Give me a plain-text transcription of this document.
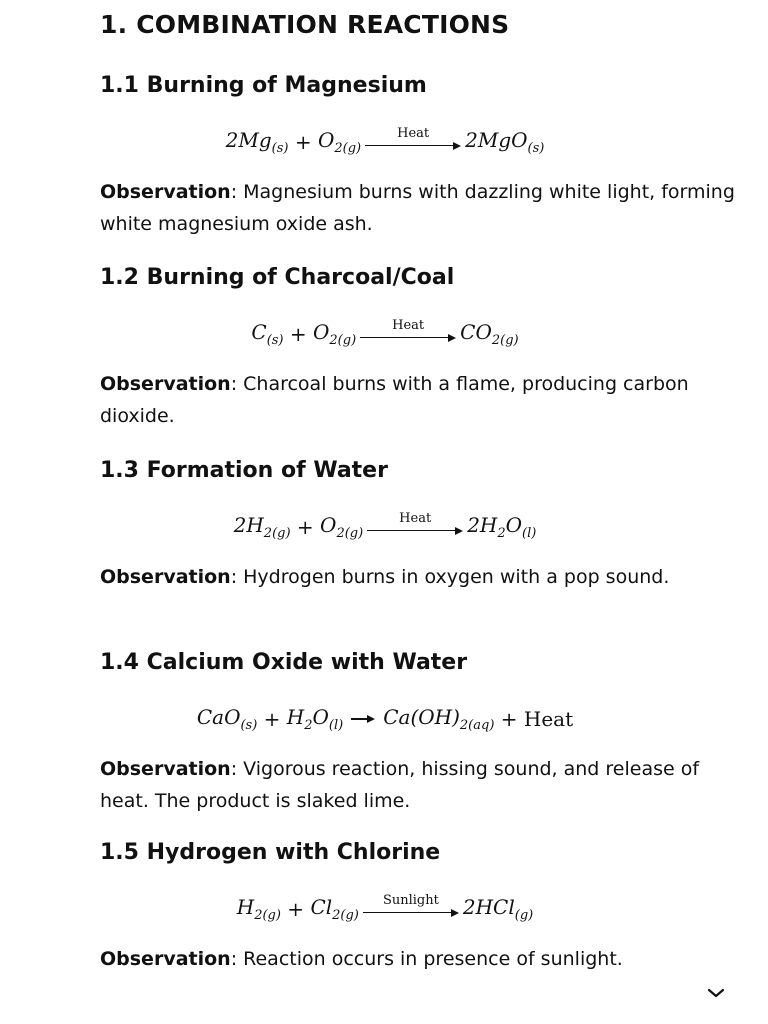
1. COMBINATION REACTIONS
1.1 Burning of Magnesium
$2Mg_{(s)} + O_{2(g)}$
Heat 2MgO$_{(s)}$
Observation: Magnesium burns with dazzling white light, forming white magnesium oxide ash.
1.2 Burning of Charcoal/Coal
$C_{(s)} + O_{2(g)}$
Heat $CO_{2(g)}$
Observation: Charcoal burns with a flame, producing carbon dioxide.
1.3 Formation of Water
$2H_{2(g)} + O_{2(g)}$
Heat $2H_2$ $O_{(l)}$
Observation: Hydrogen burns in oxygen with a pop sound.
1.4 Calcium Oxide with Water
$CaO_{(s)} + H_2$ $O_{(l)}$ $Ca(OH)_{2(aq)}$ + Heat
Observation: Vigorous reaction, hissing sound, and release of heat. The product is slaked lime.
1.5 Hydrogen with Chlorine
$H_{2(g)} + Cl_{2(g)}$
Sunlight 2HCl$_{(g)}$
Observation: Reaction occurs in presence of sunlight.
